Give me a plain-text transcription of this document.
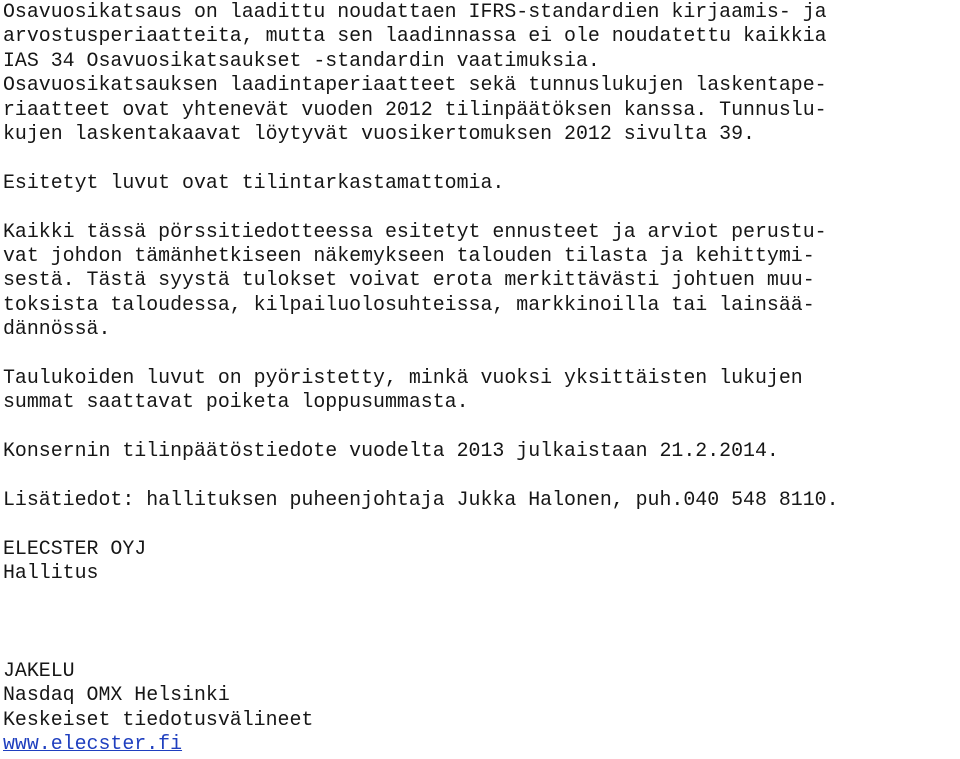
Osavuosikatsaus on laadittu noudattaen IFRS-standardien kirjaamis- ja
arvostusperiaatteita, mutta sen laadinnassa ei ole noudatettu kaikkia
IAS 34 Osavuosikatsaukset -standardin vaatimuksia.
Osavuosikatsauksen laadintaperiaatteet sekä tunnuslukujen laskentape-
riaatteet ovat yhtenevät vuoden 2012 tilinpäätöksen kanssa. Tunnuslu-
kujen laskentakaavat löytyvät vuosikertomuksen 2012 sivulta 39.
Esitetyt luvut ovat tilintarkastamattomia.
Kaikki tässä pörssitiedotteessa esitetyt ennusteet ja arviot perustu-
vat johdon tämänhetkiseen näkemykseen talouden tilasta ja kehittymi-
sestä. Tästä syystä tulokset voivat erota merkittävästi johtuen muu-
toksista taloudessa, kilpailuolosuhteissa, markkinoilla tai lainsää-
dännössä.
Taulukoiden luvut on pyöristetty, minkä vuoksi yksittäisten lukujen
summat saattavat poiketa loppusummasta.
Konsernin tilinpäätöstiedote vuodelta 2013 julkaistaan 21.2.2014.
Lisätiedot: hallituksen puheenjohtaja Jukka Halonen, puh.040 548 8110.
ELECSTER OYJ
Hallitus
JAKELU
Nasdaq OMX Helsinki
Keskeiset tiedotusvälineet
www.elecster.fi
